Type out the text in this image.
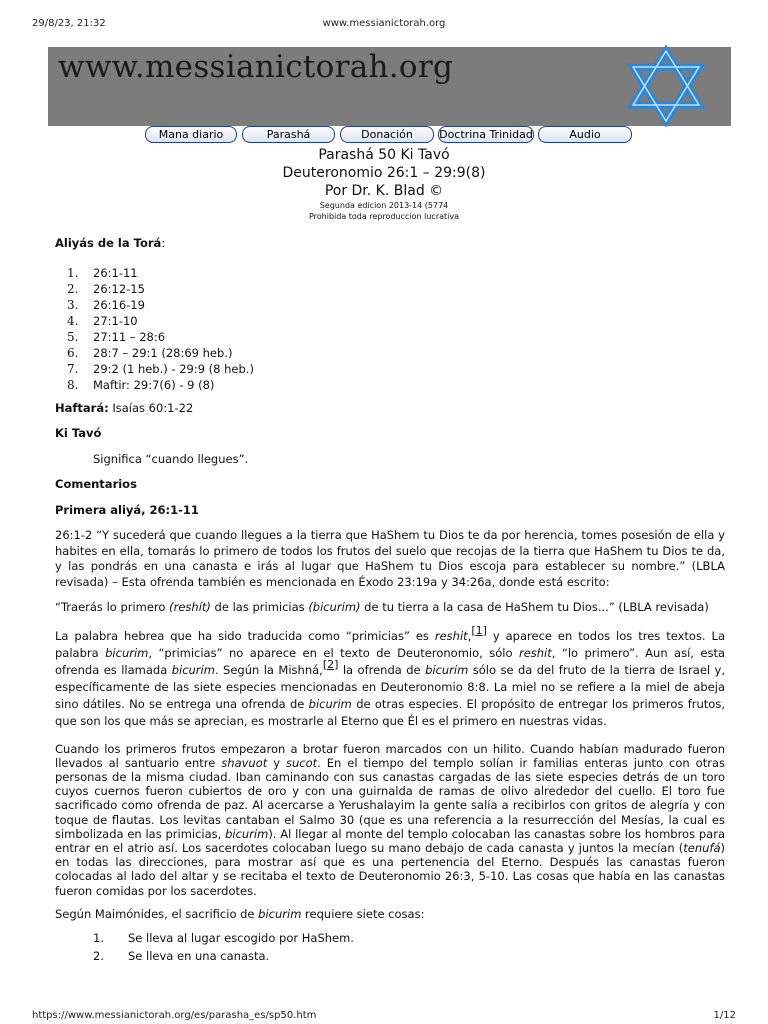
29/8/23, 21:32	www.messianictorah.org
www.messianictorah.org
Mana diario	Parashá	Donación	Doctrina Trinidad	Audio
Parashá 50 Ki Tavó
Deuteronomio 26:1 – 29:9(8)
Por Dr. K. Blad ©
Segunda edicion 2013-14 (5774
Prohibida toda reproduccion lucrativa

Aliyás de la Torá:

1. 26:1-11
2. 26:12-15
3. 26:16-19
4. 27:1-10
5. 27:11 – 28:6
6. 28:7 – 29:1 (28:69 heb.)
7. 29:2 (1 heb.) - 29:9 (8 heb.)
8. Maftir: 29:7(6) - 9 (8)

Haftará: Isaías 60:1-22

Ki Tavó

Significa “cuando llegues”.

Comentarios

Primera aliyá, 26:1-11

26:1-2 “Y sucederá que cuando llegues a la tierra que HaShem tu Dios te da por herencia, tomes posesión de ella y habites en ella, tomarás lo primero de todos los frutos del suelo que recojas de la tierra que HaShem tu Dios te da, y las pondrás en una canasta e irás al lugar que HaShem tu Dios escoja para establecer su nombre.” (LBLA revisada) – Esta ofrenda también es mencionada en Éxodo 23:19a y 34:26a, donde está escrito:

“Traerás lo primero (reshít) de las primicias (bicurim) de tu tierra a la casa de HaShem tu Dios...” (LBLA revisada)

La palabra hebrea que ha sido traducida como “primicias” es reshit,[1] y aparece en todos los tres textos. La palabra bicurim, “primicias” no aparece en el texto de Deuteronomio, sólo reshit, “lo primero”. Aun así, esta ofrenda es llamada bicurim. Según la Mishná,[2] la ofrenda de bicurim sólo se da del fruto de la tierra de Israel y, específicamente de las siete especies mencionadas en Deuteronomio 8:8. La miel no se refiere a la miel de abeja sino dátiles. No se entrega una ofrenda de bicurim de otras especies. El propósito de entregar los primeros frutos, que son los que más se aprecian, es mostrarle al Eterno que Él es el primero en nuestras vidas.

Cuando los primeros frutos empezaron a brotar fueron marcados con un hilito. Cuando habían madurado fueron llevados al santuario entre shavuot y sucot. En el tiempo del templo solían ir familias enteras junto con otras personas de la misma ciudad. Iban caminando con sus canastas cargadas de las siete especies detrás de un toro cuyos cuernos fueron cubiertos de oro y con una guirnalda de ramas de olivo alrededor del cuello. El toro fue sacrificado como ofrenda de paz. Al acercarse a Yerushalayim la gente salía a recibirlos con gritos de alegría y con toque de flautas. Los levitas cantaban el Salmo 30 (que es una referencia a la resurrección del Mesías, la cual es simbolizada en las primicias, bicurim). Al llegar al monte del templo colocaban las canastas sobre los hombros para entrar en el atrio así. Los sacerdotes colocaban luego su mano debajo de cada canasta y juntos la mecían (tenufá) en todas las direcciones, para mostrar así que es una pertenencia del Eterno. Después las canastas fueron colocadas al lado del altar y se recitaba el texto de Deuteronomio 26:3, 5-10. Las cosas que había en las canastas fueron comidas por los sacerdotes.

Según Maimónides, el sacrificio de bicurim requiere siete cosas:

1. Se lleva al lugar escogido por HaShem.
2. Se lleva en una canasta.
https://www.messianictorah.org/es/parasha_es/sp50.htm	1/12
